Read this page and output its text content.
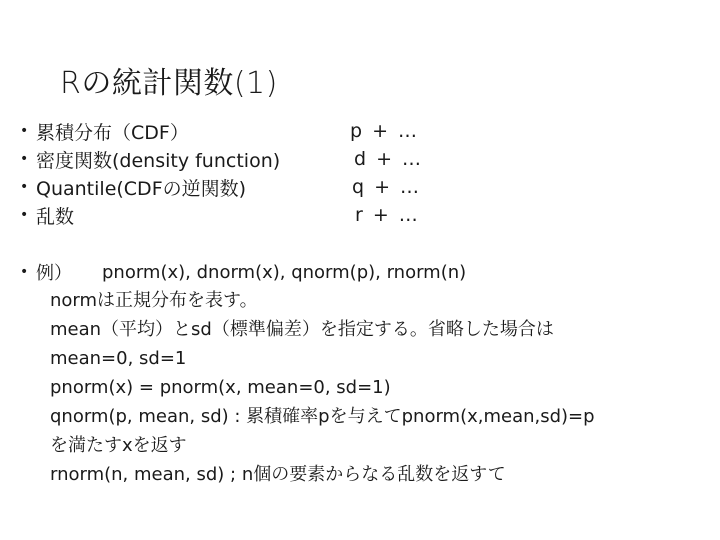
Rの統計関数(1)
• 累積分布（CDF）	p + …
• 密度関数(density function)	d + …
• Quantile(CDFの逆関数)	q + …
• 乱数	r + …
• 例）	pnorm(x), dnorm(x), qnorm(p), rnorm(n)
normは正規分布を表す。
mean（平均）とsd（標準偏差）を指定する。省略した場合は
mean=0, sd=1
pnorm(x) = pnorm(x, mean=0, sd=1)
qnorm(p, mean, sd) : 累積確率pを与えてpnorm(x,mean,sd)=p
を満たすxを返す
rnorm(n, mean, sd) ; n個の要素からなる乱数を返すて
